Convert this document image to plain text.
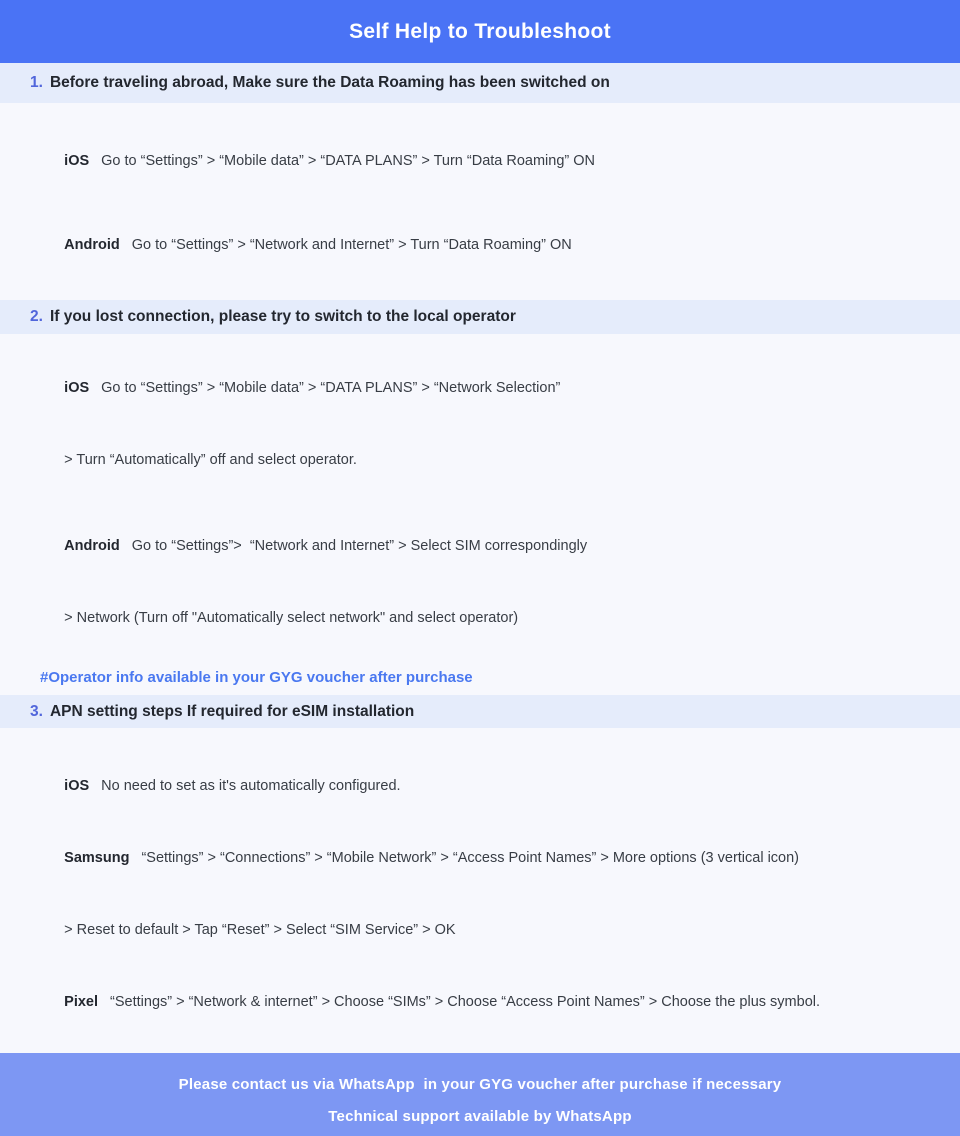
Self Help to Troubleshoot
1. Before traveling abroad, Make sure the Data Roaming has been switched on

iOS Go to “Settings” > “Mobile data” > “DATA PLANS” > Turn “Data Roaming” ON

Android Go to “Settings” > “Network and Internet” > Turn “Data Roaming” ON

2. If you lost connection, please try to switch to the local operator

iOS Go to “Settings” > “Mobile data” > “DATA PLANS” > “Network Selection”

> Turn “Automatically” off and select operator.

Android Go to “Settings”>  “Network and Internet” > Select SIM correspondingly

> Network (Turn off "Automatically select network" and select operator)

#Operator info available in your GYG voucher after purchase
3. APN setting steps If required for eSIM installation

iOS No need to set as it's automatically configured.

Samsung “Settings” > “Connections” > “Mobile Network” > “Access Point Names” > More options (3 vertical icon)

> Reset to default > Tap “Reset” > Select “SIM Service” > OK

Pixel “Settings” > “Network & internet” > Choose “SIMs” > Choose “Access Point Names” > Choose the plus symbol.

Please contact us via WhatsApp  in your GYG voucher after purchase if necessary
Technical support available by WhatsApp
